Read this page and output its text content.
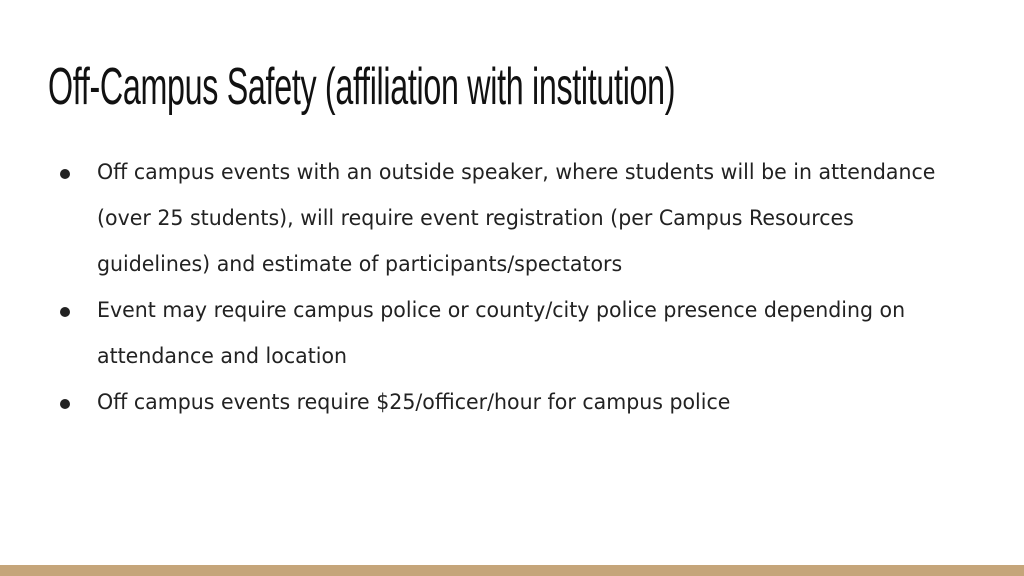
Off-Campus Safety (affiliation with institution)
Off campus events with an outside speaker, where students will be in attendance (over 25 students), will require event registration (per Campus Resources guidelines) and estimate of participants/spectators
Event may require campus police or county/city police presence depending on attendance and location
Off campus events require $25/officer/hour for campus police
